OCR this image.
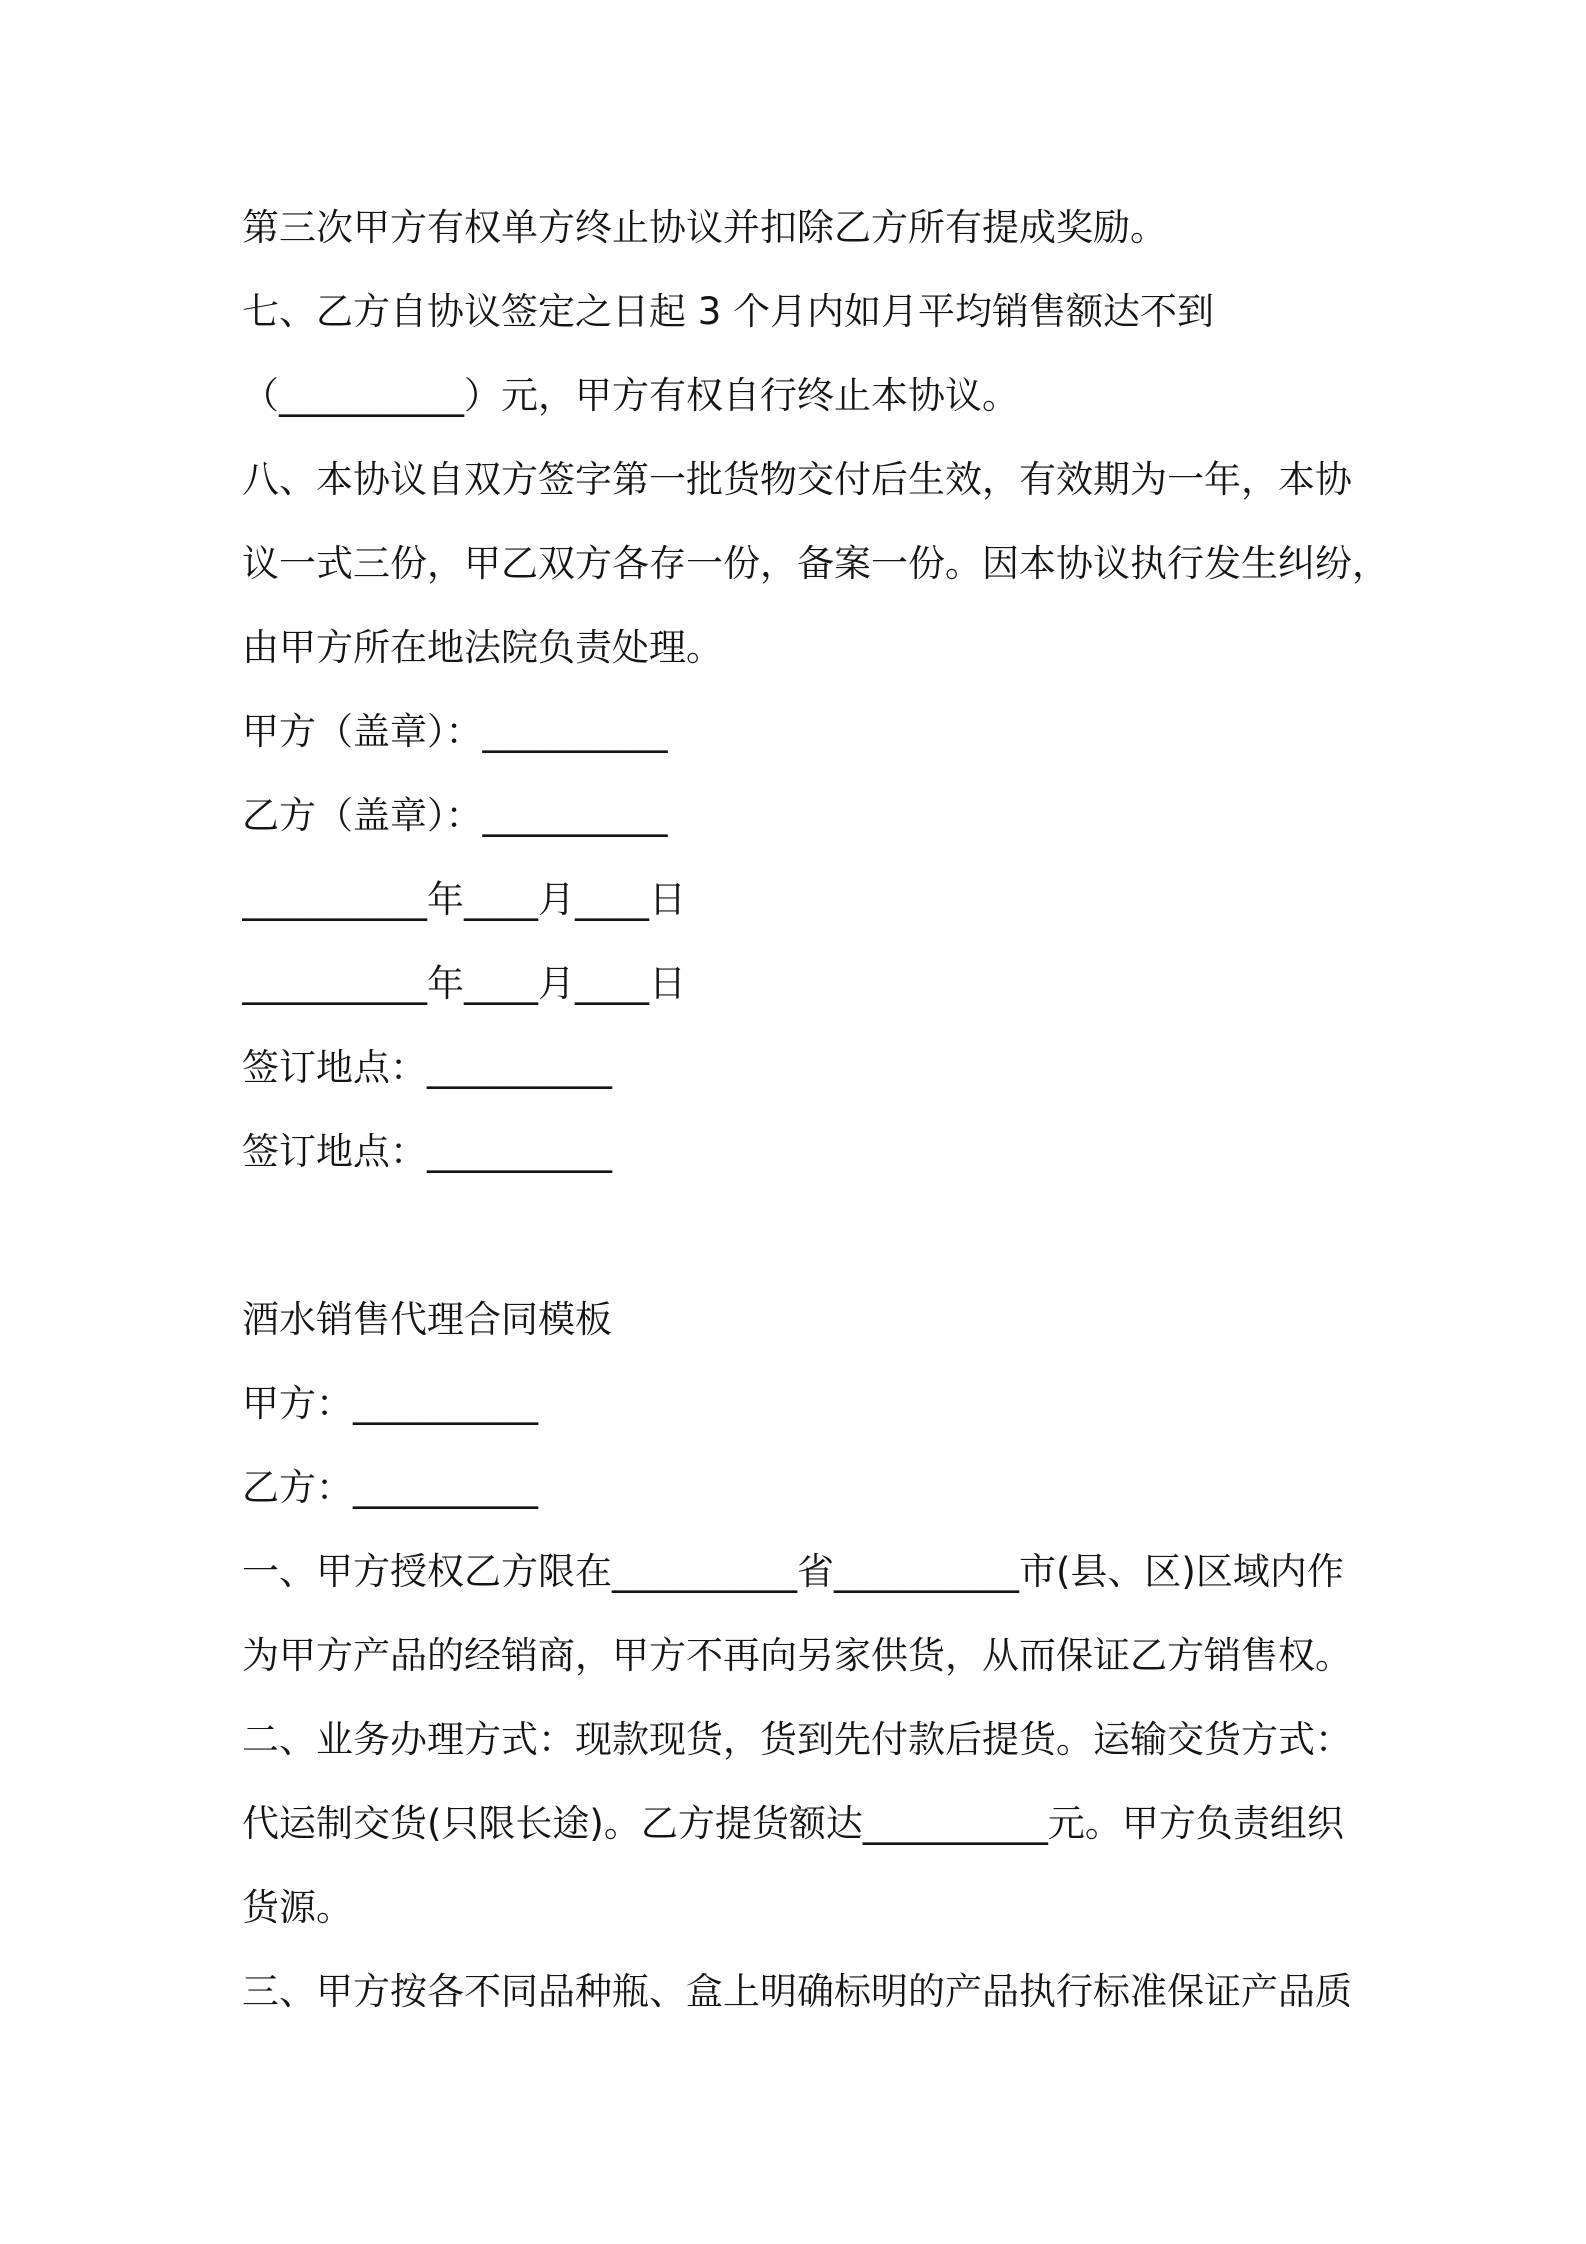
第三次甲方有权单方终止协议并扣除乙方所有提成奖励。
七、乙方自协议签定之日起 3 个月内如月平均销售额达不到
（__________）元，甲方有权自行终止本协议。
八、本协议自双方签字第一批货物交付后生效，有效期为一年，本协
议一式三份，甲乙双方各存一份，备案一份。因本协议执行发生纠纷，
由甲方所在地法院负责处理。
甲方（盖章）：__________
乙方（盖章）：__________
__________年____月____日
__________年____月____日
签订地点：__________
签订地点：__________
酒水销售代理合同模板
甲方：__________
乙方：__________
一、甲方授权乙方限在__________省__________市(县、区)区域内作
为甲方产品的经销商，甲方不再向另家供货，从而保证乙方销售权。
二、业务办理方式：现款现货，货到先付款后提货。运输交货方式：
代运制交货(只限长途)。乙方提货额达__________元。甲方负责组织
货源。
三、甲方按各不同品种瓶、盒上明确标明的产品执行标准保证产品质
